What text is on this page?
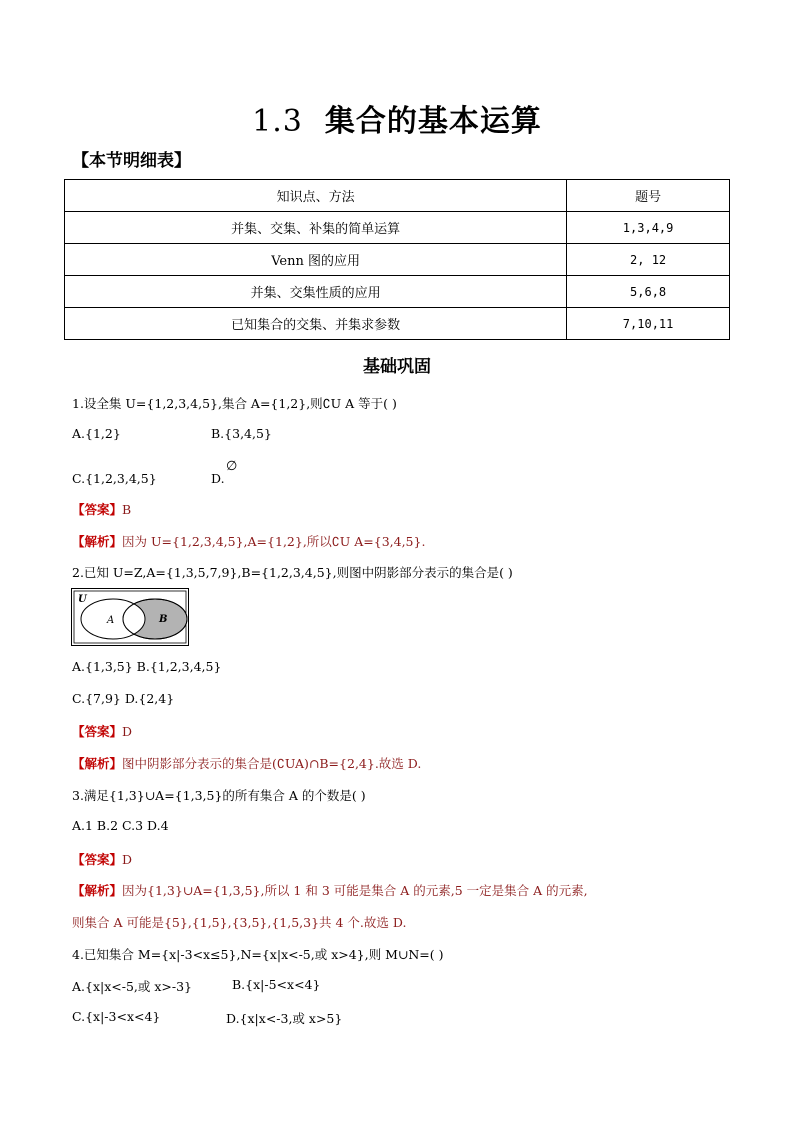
1.3 集合的基本运算
【本节明细表】
知识点、方法	题号
并集、交集、补集的简单运算	1,3,4,9
Venn 图的应用	2, 12
并集、交集性质的应用	5,6,8
已知集合的交集、并集求参数	7,10,11
基础巩固
1.设全集 U={1,2,3,4,5},集合 A={1,2},则∁U A 等于( )
A.{1,2}	B.{3,4,5}
C.{1,2,3,4,5}	D.
∅
【答案】B
【解析】因为 U={1,2,3,4,5},A={1,2},所以∁U A={3,4,5}.
2.已知 U=Z,A={1,3,5,7,9},B={1,2,3,4,5},则图中阴影部分表示的集合是( )
U
A	B
A.{1,3,5} B.{1,2,3,4,5}
C.{7,9} D.{2,4}
【答案】D
【解析】图中阴影部分表示的集合是(∁UA)∩B={2,4}.故选 D.
3.满足{1,3}∪A={1,3,5}的所有集合 A 的个数是( )
A.1 B.2 C.3 D.4
【答案】D
【解析】因为{1,3}∪A={1,3,5},所以 1 和 3 可能是集合 A 的元素,5 一定是集合 A 的元素,
则集合 A 可能是{5},{1,5},{3,5},{1,5,3}共 4 个.故选 D.
4.已知集合 M={x|-3<x≤5},N={x|x<-5,或 x>4},则 M∪N=( )
A.{x|x<-5,或 x>-3}	B.{x|-5<x<4}
C.{x|-3<x<4}	D.{x|x<-3,或 x>5}
